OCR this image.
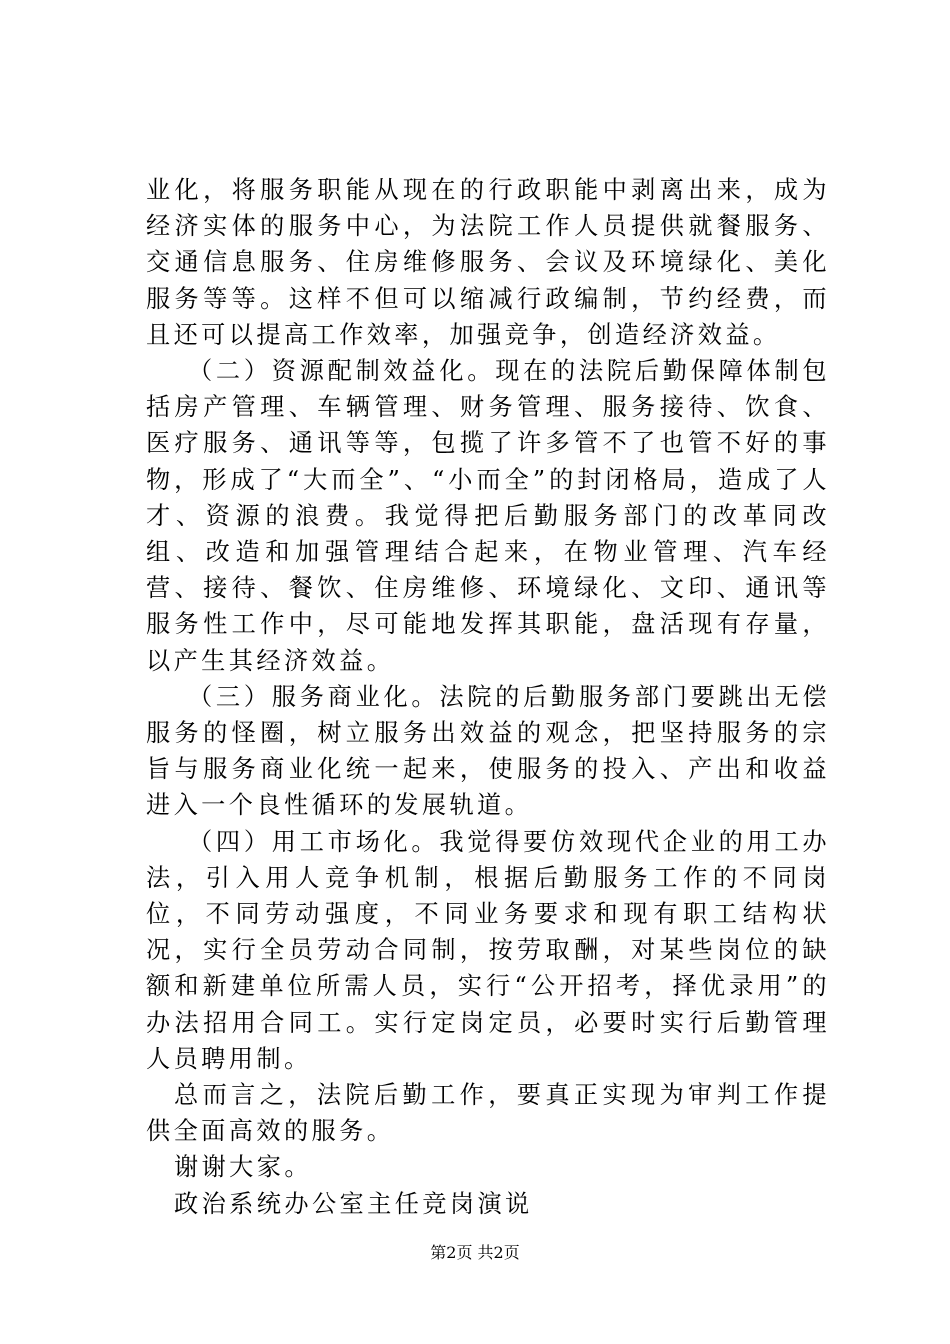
业化，将服务职能从现在的行政职能中剥离出来，成为经济实体的服务中心，为法院工作人员提供就餐服务、交通信息服务、住房维修服务、会议及环境绿化、美化服务等等。这样不但可以缩减行政编制，节约经费，而且还可以提高工作效率，加强竞争，创造经济效益。

（二）资源配制效益化。现在的法院后勤保障体制包括房产管理、车辆管理、财务管理、服务接待、饮食、医疗服务、通讯等等，包揽了许多管不了也管不好的事物，形成了“大而全”、“小而全”的封闭格局，造成了人才、资源的浪费。我觉得把后勤服务部门的改革同改组、改造和加强管理结合起来，在物业管理、汽车经营、接待、餐饮、住房维修、环境绿化、文印、通讯等服务性工作中，尽可能地发挥其职能，盘活现有存量，以产生其经济效益。

（三）服务商业化。法院的后勤服务部门要跳出无偿服务的怪圈，树立服务出效益的观念，把坚持服务的宗旨与服务商业化统一起来，使服务的投入、产出和收益进入一个良性循环的发展轨道。

（四）用工市场化。我觉得要仿效现代企业的用工办法，引入用人竞争机制，根据后勤服务工作的不同岗位，不同劳动强度，不同业务要求和现有职工结构状况，实行全员劳动合同制，按劳取酬，对某些岗位的缺额和新建单位所需人员，实行“公开招考，择优录用”的办法招用合同工。实行定岗定员，必要时实行后勤管理人员聘用制。

总而言之，法院后勤工作，要真正实现为审判工作提供全面高效的服务。

谢谢大家。

政治系统办公室主任竞岗演说

第2页 共2页
